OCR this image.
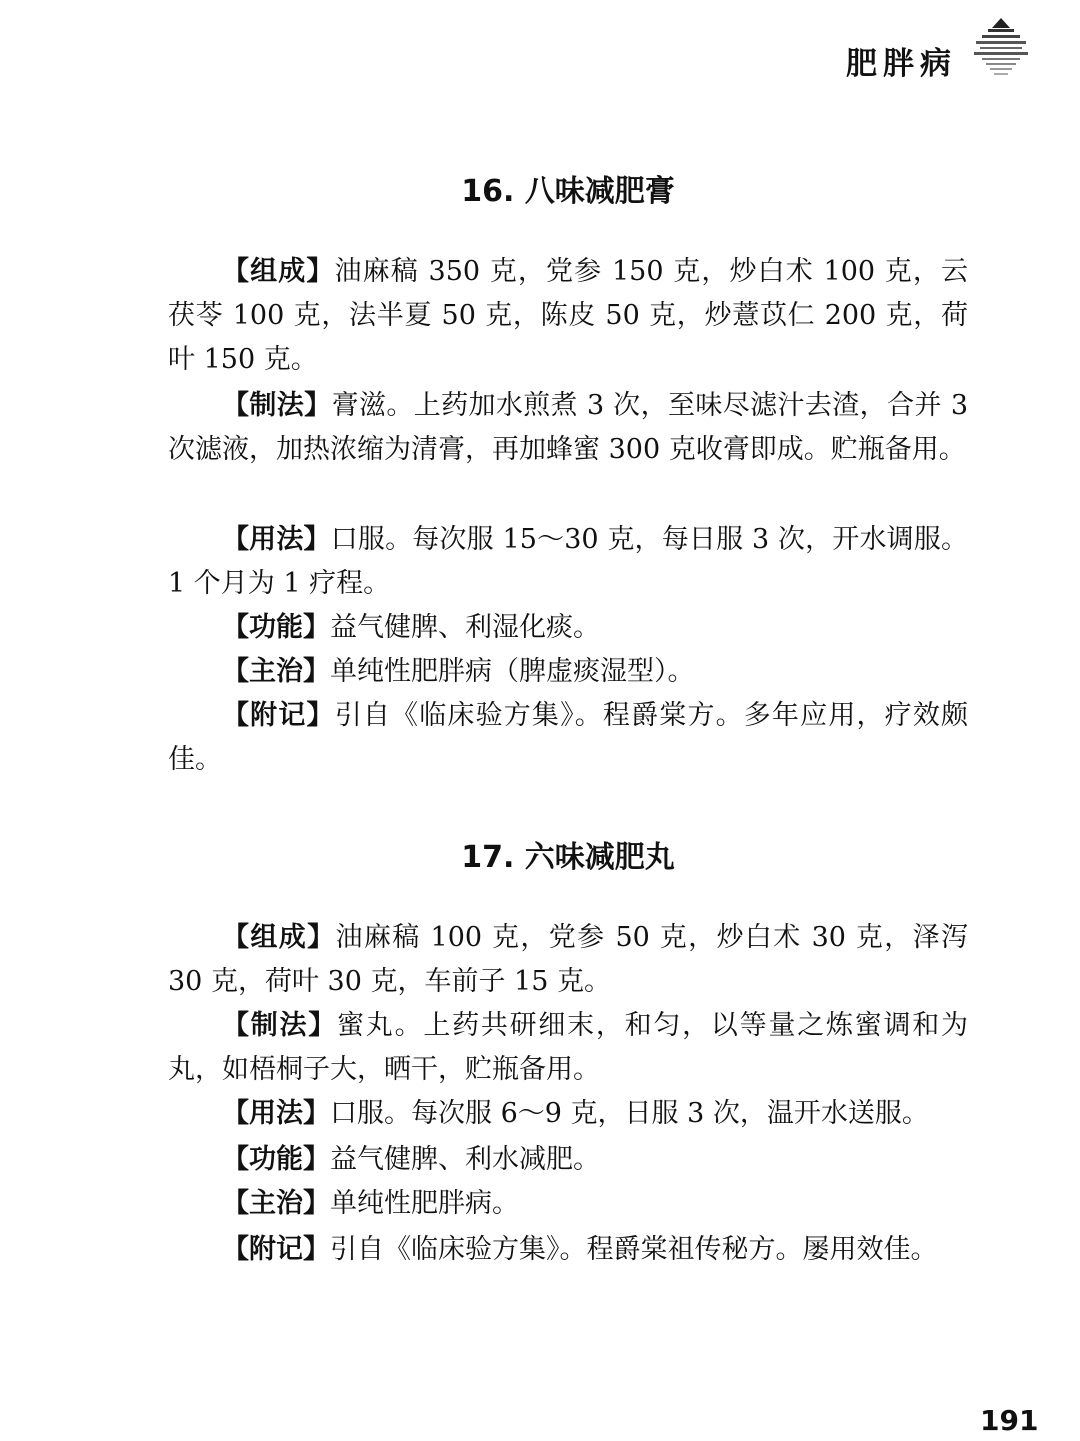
肥胖病
16. 八味减肥膏

【组成】油麻稿 350 克，党参 150 克，炒白术 100 克，云茯苓 100 克，法半夏 50 克，陈皮 50 克，炒薏苡仁 200 克，荷叶 150 克。

【制法】膏滋。上药加水煎煮 3 次，至味尽滤汁去渣，合并 3 次滤液，加热浓缩为清膏，再加蜂蜜 300 克收膏即成。贮瓶备用。

【用法】口服。每次服 15～30 克，每日服 3 次，开水调服。1 个月为 1 疗程。

【功能】益气健脾、利湿化痰。

【主治】单纯性肥胖病（脾虚痰湿型）。

【附记】引自《临床验方集》。程爵棠方。多年应用，疗效颇佳。

17. 六味减肥丸

【组成】油麻稿 100 克，党参 50 克，炒白术 30 克，泽泻 30 克，荷叶 30 克，车前子 15 克。

【制法】蜜丸。上药共研细末，和匀，以等量之炼蜜调和为丸，如梧桐子大，晒干，贮瓶备用。

【用法】口服。每次服 6～9 克，日服 3 次，温开水送服。

【功能】益气健脾、利水减肥。

【主治】单纯性肥胖病。

【附记】引自《临床验方集》。程爵棠祖传秘方。屡用效佳。

191
